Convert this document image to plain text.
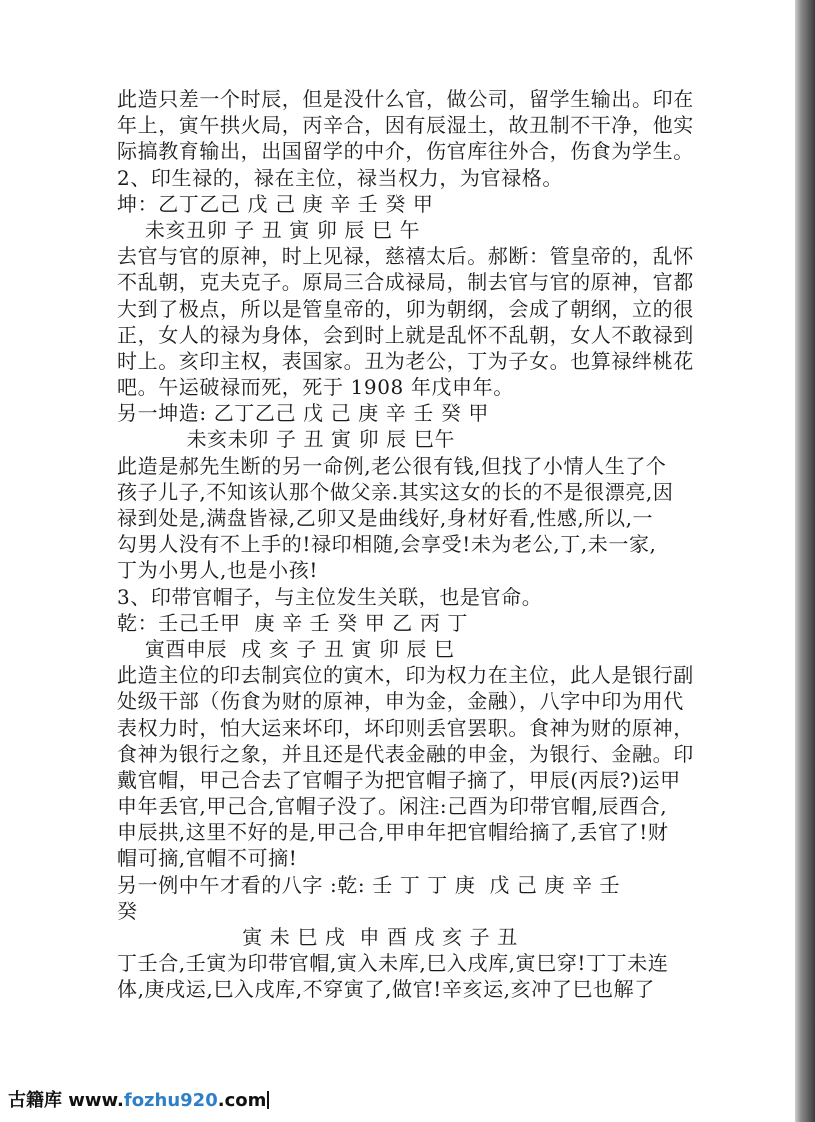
此造只差一个时辰，但是没什么官，做公司，留学生输出。印在
年上，寅午拱火局，丙辛合，因有辰湿土，故丑制不干净，他实
际搞教育输出，出国留学的中介，伤官库往外合，伤食为学生。
2、印生禄的，禄在主位，禄当权力，为官禄格。
坤：乙丁乙己 戊 己 庚 辛 壬 癸 甲
未亥丑卯 子 丑 寅 卯 辰 巳 午
去官与官的原神，时上见禄，慈禧太后。郝断：管皇帝的，乱怀
不乱朝，克夫克子。原局三合成禄局，制去官与官的原神，官都
大到了极点，所以是管皇帝的，卯为朝纲，会成了朝纲，立的很
正，女人的禄为身体，会到时上就是乱怀不乱朝，女人不敢禄到
时上。亥印主权，表国家。丑为老公，丁为子女。也算禄绊桃花
吧。午运破禄而死，死于 1908 年戊申年。
另一坤造: 乙丁乙己 戊 己 庚 辛 壬 癸 甲
未亥未卯 子 丑 寅 卯 辰 巳午
此造是郝先生断的另一命例,老公很有钱,但找了小情人生了个
孩子儿子,不知该认那个做父亲.其实这女的长的不是很漂亮,因
禄到处是,满盘皆禄,乙卯又是曲线好,身材好看,性感,所以,一
勾男人没有不上手的!禄印相随,会享受!未为老公,丁,未一家,
丁为小男人,也是小孩!
3、印带官帽子，与主位发生关联，也是官命。
乾：壬己壬甲  庚 辛 壬 癸 甲 乙 丙 丁
寅酉申辰  戌 亥 子 丑 寅 卯 辰 巳
此造主位的印去制宾位的寅木，印为权力在主位，此人是银行副
处级干部（伤食为财的原神，申为金，金融），八字中印为用代
表权力时，怕大运来坏印，坏印则丢官罢职。食神为财的原神，
食神为银行之象，并且还是代表金融的申金，为银行、金融。印
戴官帽，甲己合去了官帽子为把官帽子摘了，甲辰(丙辰?)运甲
申年丢官,甲己合,官帽子没了。闲注:己酉为印带官帽,辰酉合,
申辰拱,这里不好的是,甲己合,甲申年把官帽给摘了,丢官了!财
帽可摘,官帽不可摘!
另一例中午才看的八字 :乾: 壬 丁 丁 庚  戊 己 庚 辛 壬
癸
寅 未 巳 戌  申 酉 戌 亥 子 丑
丁壬合,壬寅为印带官帽,寅入未库,巳入戌库,寅巳穿!丁丁未连
体,庚戌运,巳入戌库,不穿寅了,做官!辛亥运,亥冲了巳也解了
古籍库 www.fozhu920.com
